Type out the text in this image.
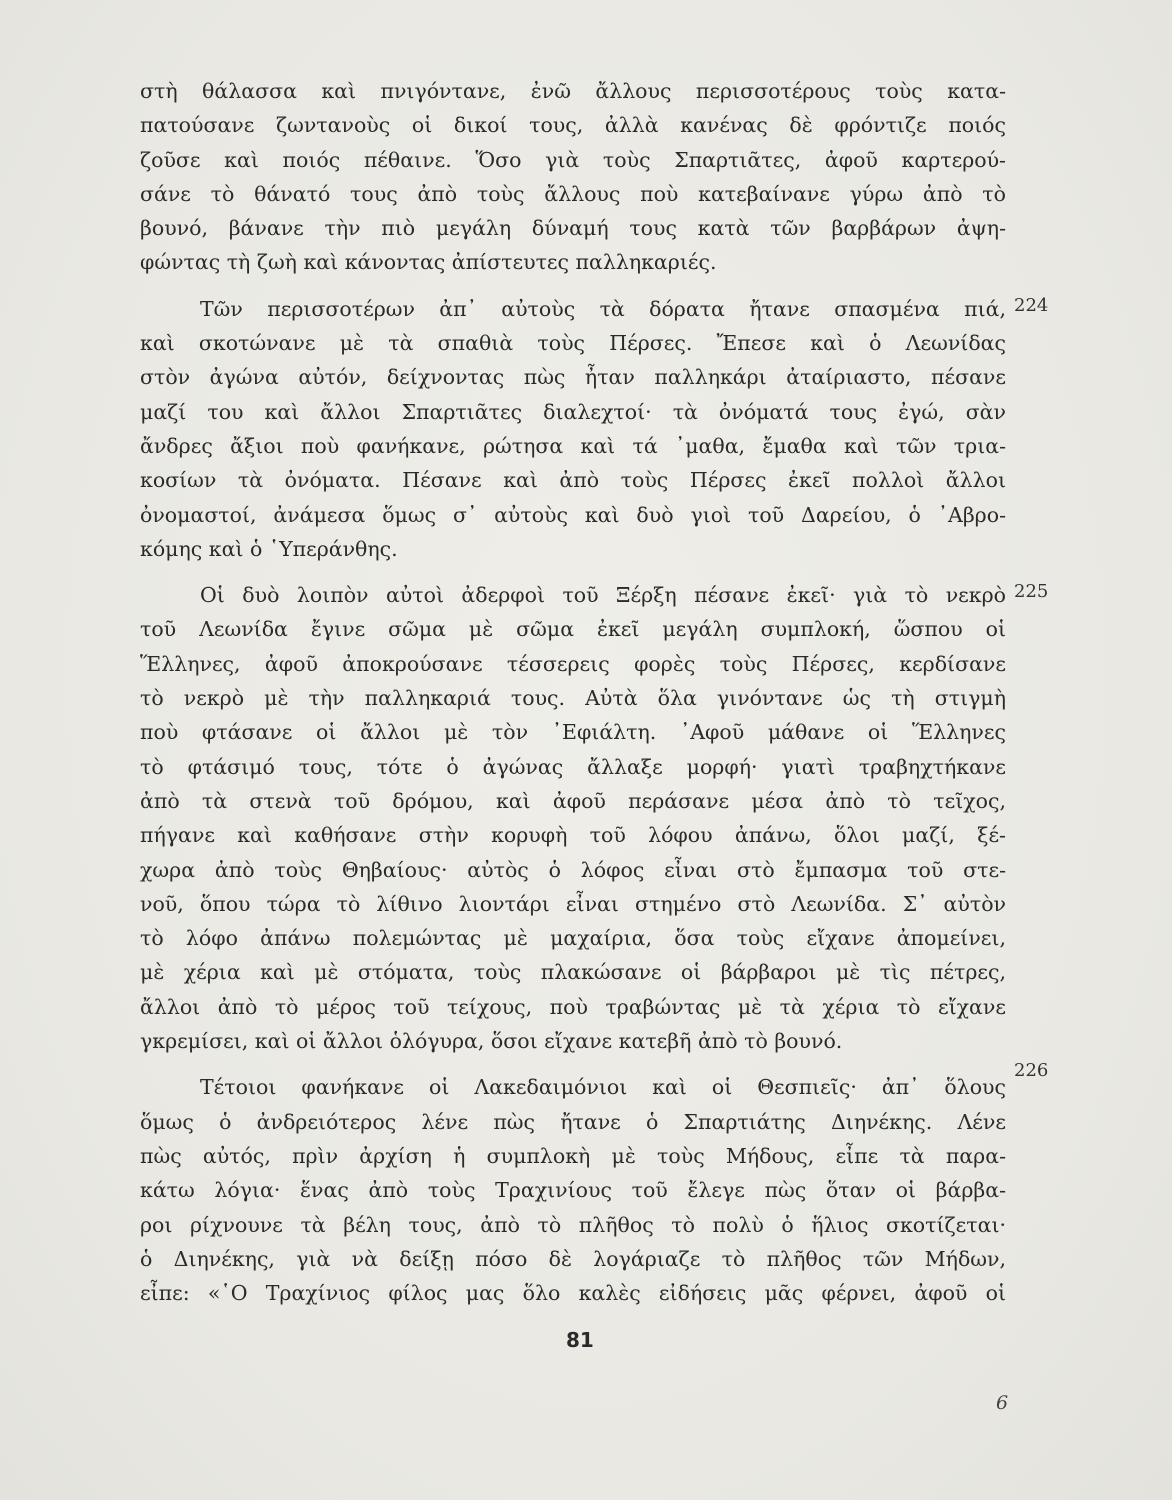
στὴ θάλασσα καὶ πνιγόντανε, ἐνῶ ἄλλους περισσοτέρους τοὺς κατα-
πατούσανε ζωντανοὺς οἱ δικοί τους, ἀλλὰ κανένας δὲ φρόντιζε ποιός
ζοῦσε καὶ ποιός πέθαινε. Ὅσο γιὰ τοὺς Σπαρτιᾶτες, ἀφοῦ καρτερού-
σάνε τὸ θάνατό τους ἀπὸ τοὺς ἄλλους ποὺ κατεβαίνανε γύρω ἀπὸ τὸ
βουνό, βάνανε τὴν πιὸ μεγάλη δύναμή τους κατὰ τῶν βαρβάρων ἀψη-
φώντας τὴ ζωὴ καὶ κάνοντας ἀπίστευτες παλληκαριές.
Τῶν περισσοτέρων ἀπ᾽ αὐτοὺς τὰ δόρατα ἤτανε σπασμένα πιά,
καὶ σκοτώνανε μὲ τὰ σπαθιὰ τοὺς Πέρσες. Ἔπεσε καὶ ὁ Λεωνίδας
στὸν ἀγώνα αὐτόν, δείχνοντας πὼς ἦταν παλληκάρι ἀταίριαστο, πέσανε
μαζί του καὶ ἄλλοι Σπαρτιᾶτες διαλεχτοί· τὰ ὀνόματά τους ἐγώ, σὰν
ἄνδρες ἄξιοι ποὺ φανήκανε, ρώτησα καὶ τά ᾽μαθα, ἔμαθα καὶ τῶν τρια-
κοσίων τὰ ὀνόματα. Πέσανε καὶ ἀπὸ τοὺς Πέρσες ἐκεῖ πολλοὶ ἄλλοι
ὀνομαστοί, ἀνάμεσα ὅμως σ᾽ αὐτοὺς καὶ δυὸ γιοὶ τοῦ Δαρείου, ὁ ᾽Αβρο-
κόμης καὶ ὁ ῾Υπεράνθης.
Οἱ δυὸ λοιπὸν αὐτοὶ ἀδερφοὶ τοῦ Ξέρξη πέσανε ἐκεῖ· γιὰ τὸ νεκρὸ
τοῦ Λεωνίδα ἔγινε σῶμα μὲ σῶμα ἐκεῖ μεγάλη συμπλοκή, ὥσπου οἱ
Ἕλληνες, ἀφοῦ ἀποκρούσανε τέσσερεις φορὲς τοὺς Πέρσες, κερδίσανε
τὸ νεκρὸ μὲ τὴν παλληκαριά τους. Αὐτὰ ὅλα γινόντανε ὡς τὴ στιγμὴ
ποὺ φτάσανε οἱ ἄλλοι μὲ τὸν ᾽Εφιάλτη. ᾽Αφοῦ μάθανε οἱ Ἕλληνες
τὸ φτάσιμό τους, τότε ὁ ἀγώνας ἄλλαξε μορφή· γιατὶ τραβηχτήκανε
ἀπὸ τὰ στενὰ τοῦ δρόμου, καὶ ἀφοῦ περάσανε μέσα ἀπὸ τὸ τεῖχος,
πήγανε καὶ καθήσανε στὴν κορυφὴ τοῦ λόφου ἀπάνω, ὅλοι μαζί, ξέ-
χωρα ἀπὸ τοὺς Θηβαίους· αὐτὸς ὁ λόφος εἶναι στὸ ἔμπασμα τοῦ στε-
νοῦ, ὅπου τώρα τὸ λίθινο λιοντάρι εἶναι στημένο στὸ Λεωνίδα. Σ᾽ αὐτὸν
τὸ λόφο ἀπάνω πολεμώντας μὲ μαχαίρια, ὅσα τοὺς εἴχανε ἀπομείνει,
μὲ χέρια καὶ μὲ στόματα, τοὺς πλακώσανε οἱ βάρβαροι μὲ τὶς πέτρες,
ἄλλοι ἀπὸ τὸ μέρος τοῦ τείχους, ποὺ τραβώντας μὲ τὰ χέρια τὸ εἴχανε
γκρεμίσει, καὶ οἱ ἄλλοι ὁλόγυρα, ὅσοι εἴχανε κατεβῆ ἀπὸ τὸ βουνό.
Τέτοιοι φανήκανε οἱ Λακεδαιμόνιοι καὶ οἱ Θεσπιεῖς· ἀπ᾽ ὅλους
ὅμως ὁ ἀνδρειότερος λένε πὼς ἤτανε ὁ Σπαρτιάτης Διηνέκης. Λένε
πὼς αὐτός, πρὶν ἀρχίση ἡ συμπλοκὴ μὲ τοὺς Μήδους, εἶπε τὰ παρα-
κάτω λόγια· ἕνας ἀπὸ τοὺς Τραχινίους τοῦ ἔλεγε πὼς ὅταν οἱ βάρβα-
ροι ρίχνουνε τὰ βέλη τους, ἀπὸ τὸ πλῆθος τὸ πολὺ ὁ ἥλιος σκοτίζεται·
ὁ Διηνέκης, γιὰ νὰ δείξῃ πόσο δὲ λογάριαζε τὸ πλῆθος τῶν Μήδων,
εἶπε: «῾Ο Τραχίνιος φίλος μας ὅλο καλὲς εἰδήσεις μᾶς φέρνει, ἀφοῦ οἱ
224
225
226
81
6
